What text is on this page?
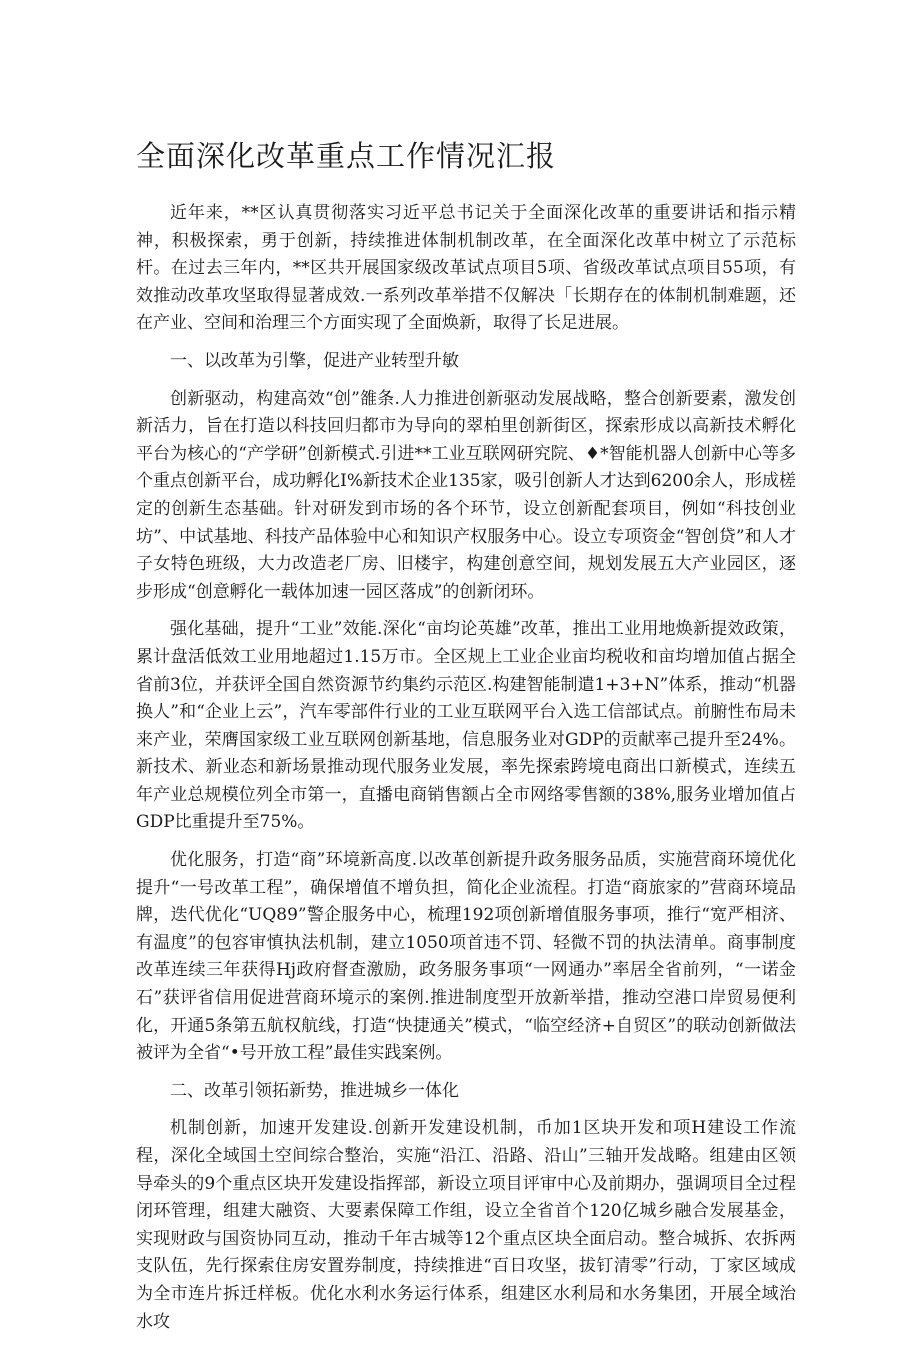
全面深化改革重点工作情况汇报

近年来，**区认真贯彻落实习近平总书记关于全面深化改革的重要讲话和指示精神，积极探索，勇于创新，持续推进体制机制改革，在全面深化改革中树立了示范标杆。在过去三年内，**区共开展国家级改革试点项目5项、省级改革试点项目55项，有效推动改革攻坚取得显著成效.一系列改革举措不仅解决「长期存在的体制机制难题，还在产业、空间和治理三个方面实现了全面焕新，取得了长足进展。

一、以改革为引擎，促进产业转型升敏

创新驱动，构建高效“创”雒条.人力推进创新驱动发展战略，整合创新要素，激发创新活力，旨在打造以科技回归都市为导向的翠柏里创新街区，探索形成以高新技术孵化平台为核心的“产学研”创新模式.引进**工业互联网研究院、♦*智能机器人创新中心等多个重点创新平台，成功孵化I%新技术企业135家，吸引创新人才达到6200余人，形成槎定的创新生态基础。针对研发到市场的各个环节，设立创新配套项目，例如“科技创业坊”、中试基地、科技产品体验中心和知识产权服务中心。设立专项资金“智创贷”和人才子女特色班级，大力改造老厂房、旧楼宇，构建创意空间，规划发展五大产业园区，逐步形成“创意孵化一载体加速一园区落成”的创新闭环。

强化基础，提升“工业”效能.深化“亩均论英雄”改革，推出工业用地焕新提效政策，累计盘活低效工业用地超过1.15万市。全区规上工业企业亩均税收和亩均增加值占据全省前3位，并获评全国自然资源节约集约示范区.构建智能制遣1+3+N”体系，推动“机器换人”和“企业上云”，汽车零部件行业的工业互联网平台入选工信部试点。前腑性布局未来产业，荣膺国家级工业互联网创新基地，信息服务业对GDP的贡献率己提升至24%。新技术、新业态和新场景推动现代服务业发展，率先探索跨境电商出口新模式，连续五年产业总规模位列全市第一，直播电商销售额占全市网络零售额的38%,服务业增加值占GDP比重提升至75%。

优化服务，打造“商”环境新高度.以改革创新提升政务服务品质，实施营商环境优化提升“一号改革工程”，确保增值不增负担，简化企业流程。打造“商旅家的”营商环境品牌，迭代优化“UQ89”警企服务中心，梳理192项创新增值服务事项，推行“宽严相济、有温度”的包容审慎执法机制，建立1050项首违不罚、轻微不罚的执法清单。商事制度改革连续三年获得Hj政府督查激励，政务服务事项“一网通办”率居全省前列，“一诺金石”获评省信用促进营商环境示的案例.推进制度型开放新举措，推动空港口岸贸易便利化，开通5条第五航权航线，打造“快捷通关”模式，“临空经济+自贸区”的联动创新做法被评为全省“•号开放工程”最佳实践案例。

二、改革引领拓新势，推进城乡一体化

机制创新，加速开发建设.创新开发建设机制，币加1区块开发和项H建设工作流程，深化全域国土空间综合整治，实施“沿江、沿路、沿山”三轴开发战略。组建由区领导牵头的9个重点区块开发建设指挥部，新设立项目评审中心及前期办，强调项目全过程闭环管理，组建大融资、大要素保障工作组，设立全省首个120亿城乡融合发展基金，实现财政与国资协同互动，推动千年古城等12个重点区块全面启动。整合城拆、农拆两支队伍，先行探索住房安置券制度，持续推进“百日攻坚，拔钉清零”行动，丁家区域成为全市连片拆迁样板。优化水利水务运行体系，组建区水利局和水务集团，开展全域治水攻
